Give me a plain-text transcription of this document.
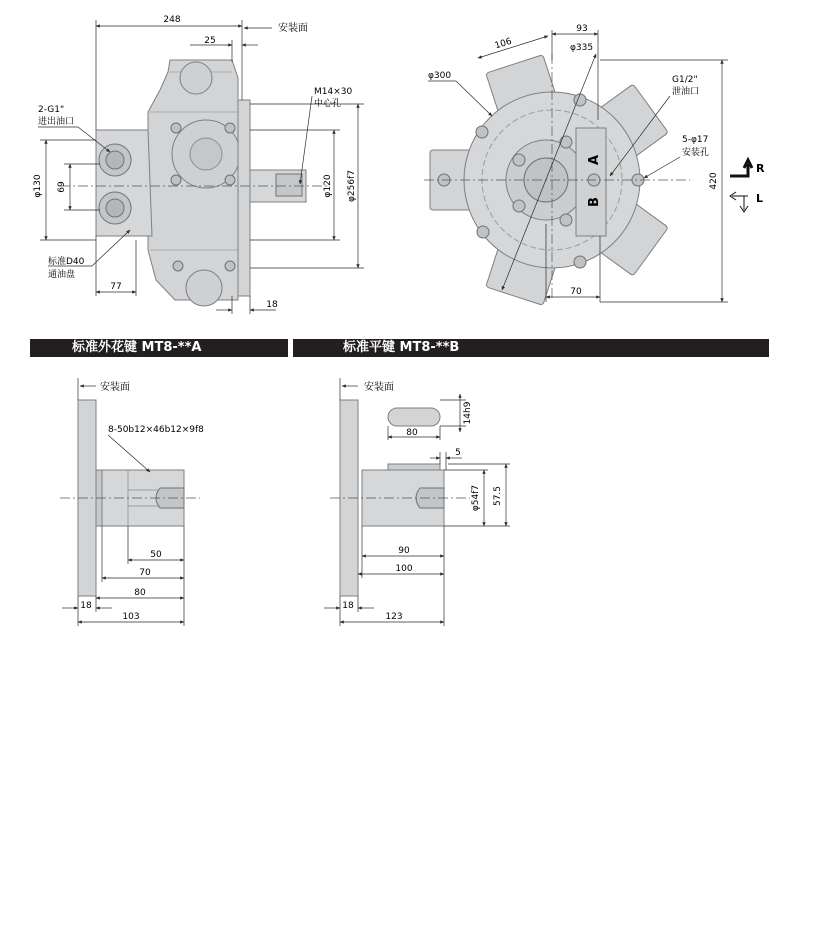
标准外花键 MT8-**A	标准平键 MT8-**B
248
25
安装面
2-G1"
进出油口
φ130 69
M14×30
中心孔
φ120 φ256f7
标准D40
通油盘
77
18
A
B
93
106	φ335
φ300	G1/2"
泄油口
5-φ17
安装孔
420
70
R
L
安装面
8-50b12×46b12×9f8
50
70
80
18
103
安装面
14h9
80
5
φ54f7 57.5
90
100
18
123
